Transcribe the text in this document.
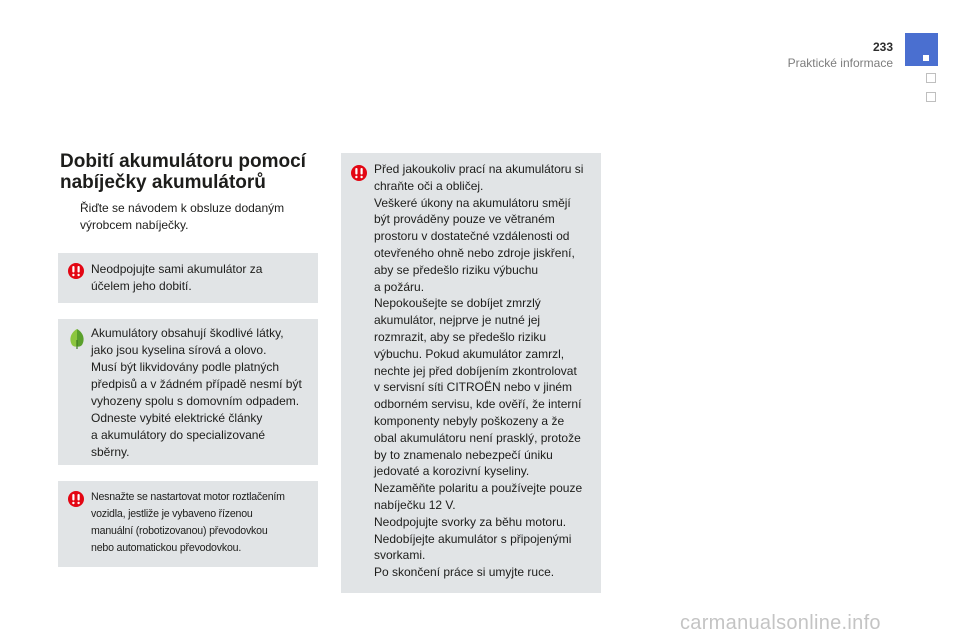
233
Praktické informace
Dobití akumulátoru pomocí
nabíječky akumulátorů
Řiďte se návodem k obsluze dodaným
výrobcem nabíječky.
Neodpojujte sami akumulátor za
účelem jeho dobití.
Akumulátory obsahují škodlivé látky,
jako jsou kyselina sírová a olovo.
Musí být likvidovány podle platných
předpisů a v žádném případě nesmí být
vyhozeny spolu s domovním odpadem.
Odneste vybité elektrické články
a akumulátory do specializované
sběrny.
Nesnažte se nastartovat motor roztlačením
vozidla, jestliže je vybaveno řízenou
manuální (robotizovanou) převodovkou
nebo automatickou převodovkou.
Před jakoukoliv prací na akumulátoru si
chraňte oči a obličej.
Veškeré úkony na akumulátoru smějí
být prováděny pouze ve větraném
prostoru v dostatečné vzdálenosti od
otevřeného ohně nebo zdroje jiskření,
aby se předešlo riziku výbuchu
a požáru.
Nepokoušejte se dobíjet zmrzlý
akumulátor, nejprve je nutné jej
rozmrazit, aby se předešlo riziku
výbuchu. Pokud akumulátor zamrzl,
nechte jej před dobíjením zkontrolovat
v servisní síti CITROËN nebo v jiném
odborném servisu, kde ověří, že interní
komponenty nebyly poškozeny a že
obal akumulátoru není prasklý, protože
by to znamenalo nebezpečí úniku
jedovaté a korozivní kyseliny.
Nezaměňte polaritu a používejte pouze
nabíječku 12 V.
Neodpojujte svorky za běhu motoru.
Nedobíjejte akumulátor s připojenými
svorkami.
Po skončení práce si umyjte ruce.
carmanualsonline.info
